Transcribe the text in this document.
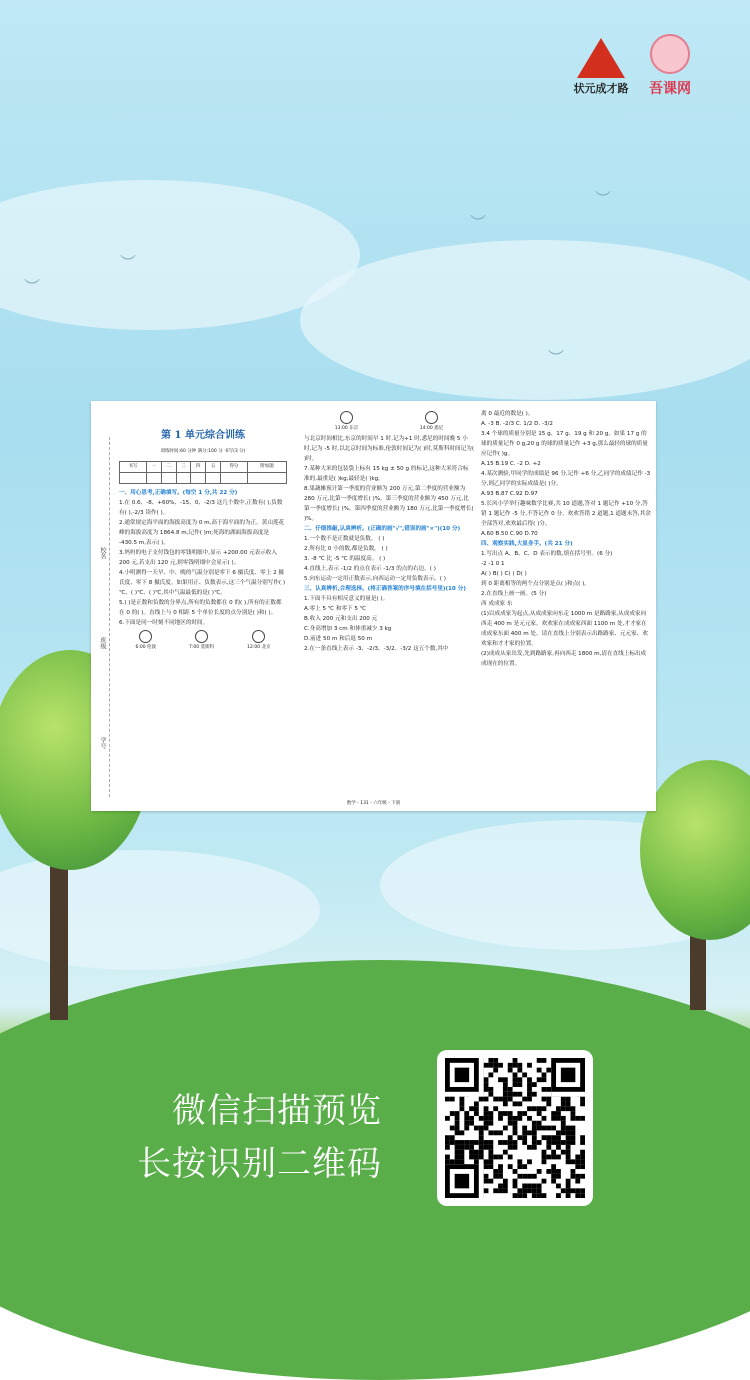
︶
︶
︶
︶
︶
状元成才路	吾课网
校名
班级
学号
第 1 单元综合训练
训练时间:60 分钟 满分:100 分 书写(3 分)
书写	一	二	三	四	五	得分	附加题

一、用心思考,正确填写。(每空 1 分,共 22 分)

1.在 0.6、-8、+60%、-15、0、-2/3 这几个数中,正数有( ),负数有( ),-2/3 读作( )。

2.通常规定海平面的海拔高度为 0 m,高于海平面的为正。黄山莲花峰的海拔高度为 1864.8 m,记作( )m;死海的湖面海拔高度是 -430.5 m,表示( )。

3.妈妈的电子支付钱包的零钱明细中,显示 +200.00 元表示收入 200 元,若支出 120 元,则零钱明细中会显示( )。

4.小明测得一天早、中、晚的气温分别是零下 6 摄氏度、零上 2 摄氏度、零下 8 摄氏度。如果用正、负数表示,这三个气温分别写作( )℃、( )℃、( )℃,其中气温最低的是( )℃。

5.( )是正数和负数的分界点,所有的负数都在 0 的( ),所有的正数都在 0 的( )。直线上与 0 相距 5 个单位长度的点分别是( )和( )。

6.下面是同一时刻不同地区的时间。

6:00 伦敦	7:00 莫斯科	12:00 北京
13:00 东京	14:00 悉尼

与北京时间相比,东京的时间早 1 时,记为+1 时,悉尼的时间晚 5 小时,记为 -5 时,以北京时间为标准,伦敦时间记为( )时,莫斯科时间记为( )时。

7.某种大米的包装袋上标有 15 kg ± 50 g 的标记,这种大米符合标准的,最重是( )kg,最轻是( )kg。

8.果蔬摊预计第一季度的营业额为 200 万元,第二季度的营业额为 280 万元,比第一季度增长( )%。第三季度的营业额为 450 万元,比第一季度增长( )%。第四季度的营业额为 180 万元,比第一季度增长( )%。

二、仔细推敲,认真辨析。(正确的画"√",错误的画"×")(10 分)

1.一个数不是正数就是负数。 ( )

2.所有比 0 小的数,都是负数。 ( )

3. -8 ℃ 比 -5 ℃ 的温度高。 ( )

4.直线上,表示 -1/2 的点在表示 -1/3 的点的右边。( )

5.向东运动一定用正数表示,向西运动一定用负数表示。( )

三、认真辨析,合理选择。(将正确答案的序号填在括号里)(10 分)

1.下面不具有相反意义的量是( )。

A.零上 5 ℃ 和零下 5 ℃

B.收入 200 元和支出 200 元

C.身高增加 3 cm 和体重减少 3 kg

D.前进 50 m 和后退 50 m

2.在一条直线上表示 -3、-2/3、-3/2、-3/2 这五个数,其中

离 0 最近的数是( )。

A. -3 B. -2/3 C. 1/2 D. -3/2

3.4 个球的质量分别是 15 g、17 g、19 g 和 20 g。如果 17 g 的球的质量记作 0 g,20 g 的球的质量记作 +3 g,那么最轻的球的质量应记作( )g。

A.15 B.19 C. -2 D. +2

4.某次测验,甲同学的成绩是 96 分,记作 +6 分,乙同学的成绩记作 -3 分,则乙同学的实际成绩是( )分。

A.93 B.87 C.92 D.97

5.长风小学举行趣味数学比赛,共 10 道题,答对 1 题记作 +10 分,答错 1 题记作 -5 分,不答记作 0 分。欢欢答错 2 道题,1 道题未答,其余全部答对,欢欢最后得( )分。

A.60 B.50 C.90 D.70

四、观察实践,大显身手。(共 21 分)

1.写出点 A、B、C、D 表示的数,填在括号里。(6 分)

-2 -1 0 1

A( ) B( ) C( ) D( )

到 0 距离相等的两个点分别是点( )和点( )。

2.在直线上画一画。(5 分)

西 成成家 东

(1)以成成家为起点,从成成家向东走 1000 m 是路路家,从成成家向西走 400 m 是元元家。欢欢家在成成家西面 1100 m 处,才才家在成成家东面 400 m 处。请在直线上分别表示出路路家、元元家、欢欢家和才才家的位置。

(2)成成从家出发,先到路路家,再向西走 1800 m,请在直线上标出成成现在的位置。

数学 - 131 - 六年级 - 下册
微信扫描预览
长按识别二维码
